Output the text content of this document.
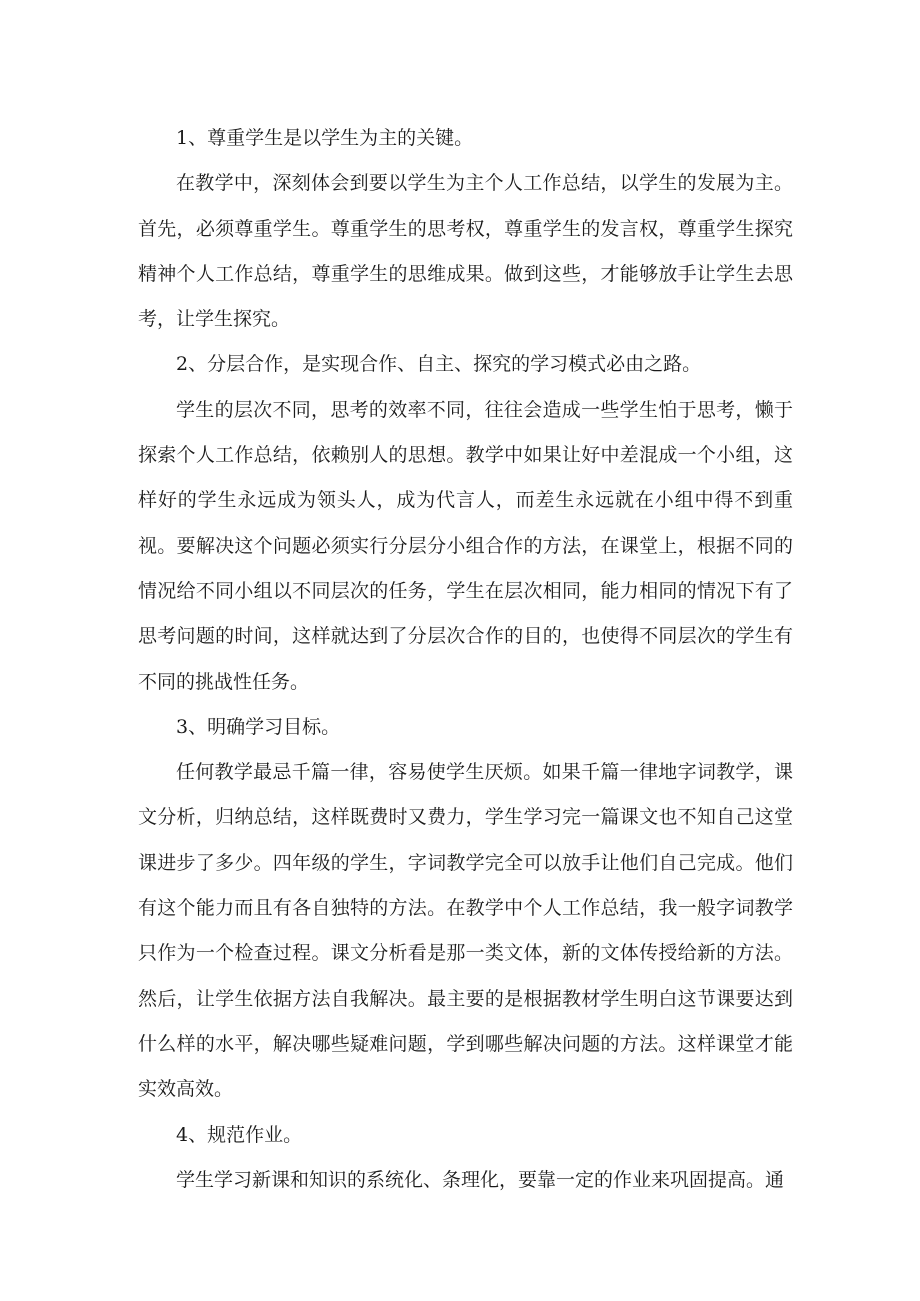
1、尊重学生是以学生为主的关键。

在教学中，深刻体会到要以学生为主个人工作总结，以学生的发展为主。首先，必须尊重学生。尊重学生的思考权，尊重学生的发言权，尊重学生探究精神个人工作总结，尊重学生的思维成果。做到这些，才能够放手让学生去思考，让学生探究。

2、分层合作，是实现合作、自主、探究的学习模式必由之路。

学生的层次不同，思考的效率不同，往往会造成一些学生怕于思考，懒于探索个人工作总结，依赖别人的思想。教学中如果让好中差混成一个小组，这样好的学生永远成为领头人，成为代言人，而差生永远就在小组中得不到重视。要解决这个问题必须实行分层分小组合作的方法，在课堂上，根据不同的情况给不同小组以不同层次的任务，学生在层次相同，能力相同的情况下有了思考问题的时间，这样就达到了分层次合作的目的，也使得不同层次的学生有不同的挑战性任务。

3、明确学习目标。

任何教学最忌千篇一律，容易使学生厌烦。如果千篇一律地字词教学，课文分析，归纳总结，这样既费时又费力，学生学习完一篇课文也不知自己这堂课进步了多少。四年级的学生，字词教学完全可以放手让他们自己完成。他们有这个能力而且有各自独特的方法。在教学中个人工作总结，我一般字词教学只作为一个检查过程。课文分析看是那一类文体，新的文体传授给新的方法。然后，让学生依据方法自我解决。最主要的是根据教材学生明白这节课要达到什么样的水平，解决哪些疑难问题，学到哪些解决问题的方法。这样课堂才能实效高效。

4、规范作业。

学生学习新课和知识的系统化、条理化，要靠一定的作业来巩固提高。通
